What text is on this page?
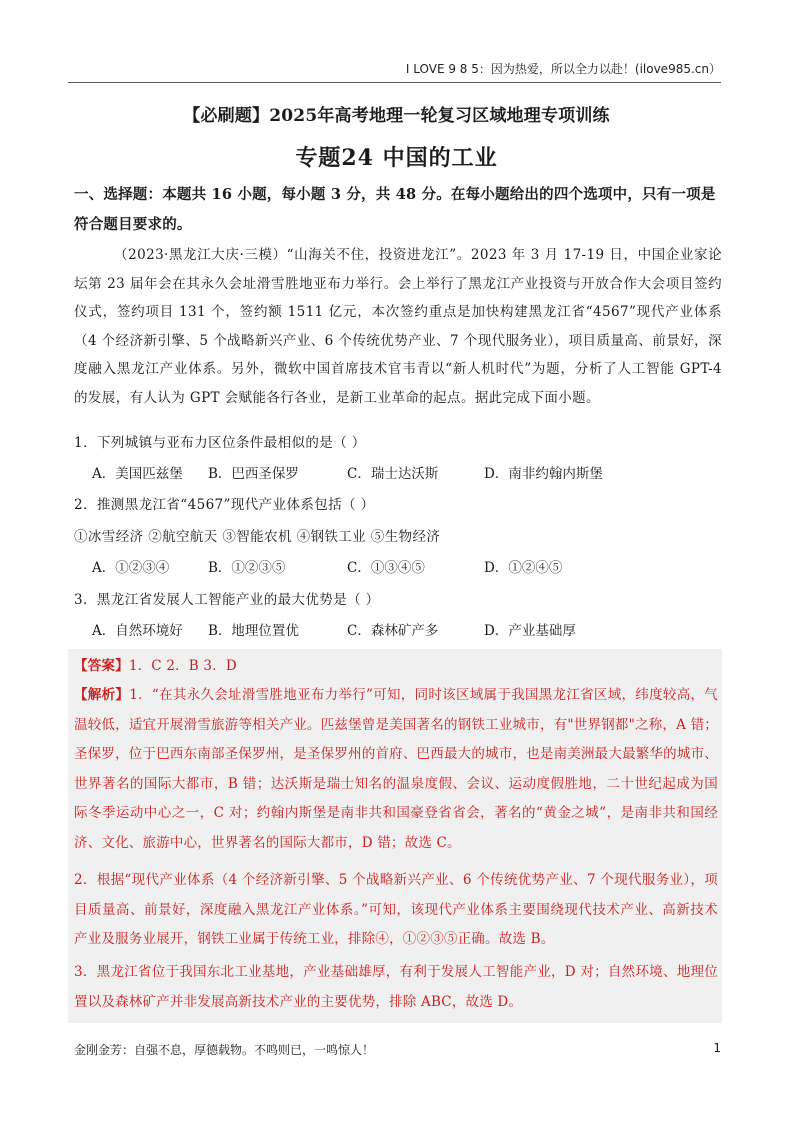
I LOVE 9 8 5：因为热爱，所以全力以赴！(ilove985.cn）
【必刷题】2025年高考地理一轮复习区域地理专项训练
专题24 中国的工业
一、选择题：本题共 16 小题，每小题 3 分，共 48 分。在每小题给出的四个选项中，只有一项是符合题目要求的。
（2023·黑龙江大庆·三模）“山海关不住，投资进龙江”。2023 年 3 月 17-19 日，中国企业家论坛第 23 届年会在其永久会址滑雪胜地亚布力举行。会上举行了黑龙江产业投资与开放合作大会项目签约仪式，签约项目 131 个，签约额 1511 亿元，本次签约重点是加快构建黑龙江省“4567”现代产业体系（4 个经济新引擎、5 个战略新兴产业、6 个传统优势产业、7 个现代服务业），项目质量高、前景好，深度融入黑龙江产业体系。另外，微软中国首席技术官韦青以“新人机时代”为题，分析了人工智能 GPT-4 的发展，有人认为 GPT 会赋能各行各业，是新工业革命的起点。据此完成下面小题。
1．下列城镇与亚布力区位条件最相似的是（ ）
A．美国匹兹堡 B．巴西圣保罗	C．瑞士达沃斯	D．南非约翰内斯堡
2．推测黑龙江省“4567”现代产业体系包括（ ）
①冰雪经济 ②航空航天 ③智能农机 ④钢铁工业 ⑤生物经济
A．①②③④	B．①②③⑤	C．①③④⑤	D．①②④⑤
3．黑龙江省发展人工智能产业的最大优势是（ ）
A．自然环境好 B．地理位置优	C．森林矿产多	D．产业基础厚
【答案】1．C 2．B 3．D
【解析】1．“在其永久会址滑雪胜地亚布力举行”可知，同时该区域属于我国黑龙江省区域，纬度较高，气温较低，适宜开展滑雪旅游等相关产业。匹兹堡曾是美国著名的钢铁工业城市，有"世界钢都"之称，A 错；圣保罗，位于巴西东南部圣保罗州，是圣保罗州的首府、巴西最大的城市，也是南美洲最大最繁华的城市、世界著名的国际大都市，B 错；达沃斯是瑞士知名的温泉度假、会议、运动度假胜地，二十世纪起成为国际冬季运动中心之一，C 对；约翰内斯堡是南非共和国豪登省省会，著名的“黄金之城”，是南非共和国经济、文化、旅游中心，世界著名的国际大都市，D 错；故选 C。
2．根据“现代产业体系（4 个经济新引擎、5 个战略新兴产业、6 个传统优势产业、7 个现代服务业），项目质量高、前景好，深度融入黑龙江产业体系。”可知，该现代产业体系主要围绕现代技术产业、高新技术产业及服务业展开，钢铁工业属于传统工业，排除④，①②③⑤正确。故选 B。
3．黑龙江省位于我国东北工业基地，产业基础雄厚，有利于发展人工智能产业，D 对；自然环境、地理位置以及森林矿产并非发展高新技术产业的主要优势，排除 ABC，故选 D。
金刚金芳：自强不息，厚德载物。不鸣则已，一鸣惊人！	1
